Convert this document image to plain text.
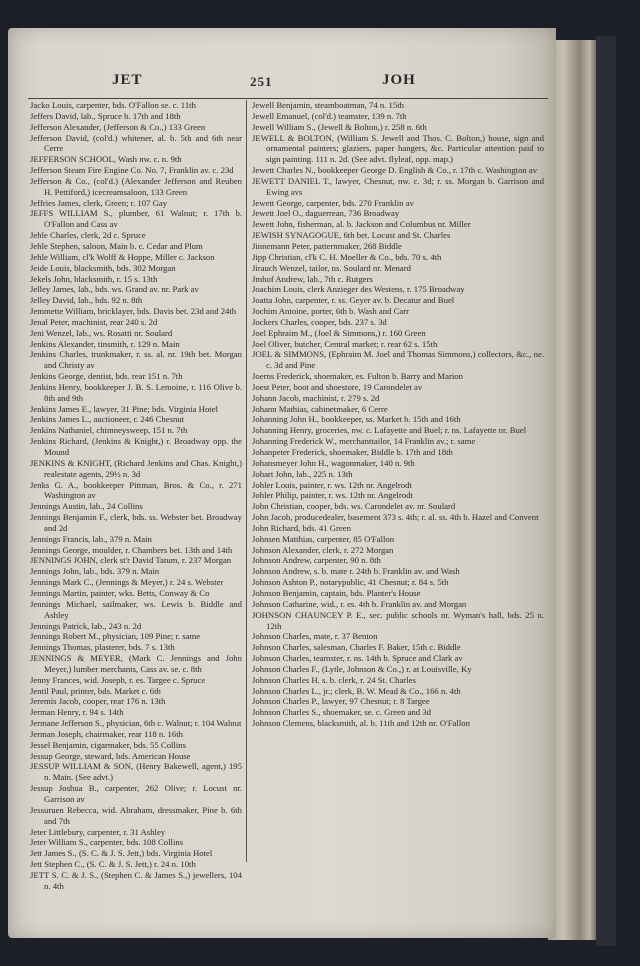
JET	251	JOH
Jacko Louis, carpenter, bds. O'Fallon se. c. 11th
Jeffers David, lab., Spruce b. 17th and 18th
Jefferson Alexander, (Jefferson & Co.,) 133 Green
Jefferson David, (col'd.) whitener, al. b. 5th and 6th near Cerre
JEFFERSON SCHOOL, Wash nw. c. n. 9th
Jefferson Steam Fire Engine Co. No. 7, Franklin av. c. 23d
Jefferson & Co., (col'd.) (Alexander Jefferson and Reuben H. Pettiford,) icecreamsaloon, 133 Green
Jeffries James, clerk, Green; r. 107 Gay
JEFFS WILLIAM S., plumber, 61 Walnut; r. 17th b. O'Fallon and Cass av
Jehle Charles, clerk, 2d c. Spruce
Jehle Stephen, saloon, Main b. c. Cedar and Plum
Jehle William, cl'k Wolff & Hoppe, Miller c. Jackson
Jeide Louis, blacksmith, bds. 302 Morgan
Jekels John, blacksmith, r. 15 s. 13th
Jelley James, lab., bds. ws. Grand av. nr. Park av
Jelley David, lab., bds. 92 n. 8th
Jemmette William, bricklayer, bds. Davis bet. 23d and 24th
Jenal Peter, machinist, rear 240 s. 2d
Jeni Wenzel, lab., ws. Rosatti nr. Soulard
Jenkins Alexander, tinsmith, r. 129 n. Main
Jenkins Charles, trunkmaker, r. ss. al. nr. 19th bet. Morgan and Christy av
Jenkins George, dentist, bds. rear 151 n. 7th
Jenkins Henry, bookkeeper J. B. S. Lemoine, r. 116 Olive b. 8th and 9th
Jenkins James E., lawyer, 31 Pine; bds. Virginia Hotel
Jenkins James L., auctioneer, r. 246 Chesnut
Jenkins Nathaniel, chimneysweep, 151 n. 7th
Jenkins Richard, (Jenkins & Knight,) r. Broadway opp. the Mound
JENKINS & KNIGHT, (Richard Jenkins and Chas. Knight,) realestate agents, 29½ n. 3d
Jenks G. A., bookkeeper Pittman, Bros. & Co., r. 271 Washington av
Jennings Austin, lab., 24 Collins
Jennings Benjamin F., clerk, bds. ss. Webster bet. Broadway and 2d
Jennings Francis, lab., 379 n. Main
Jennings George, moulder, r. Chambers bet. 13th and 14th
JENNINGS JOHN, clerk st'r David Tatum, r. 237 Morgan
Jennings John, lab., bds. 379 n. Main
Jennings Mark C., (Jennings & Meyer,) r. 24 s. Webster
Jennings Martin, painter, wks. Betts, Conway & Co
Jennings Michael, sailmaker, ws. Lewis b. Biddle and Ashley
Jennings Patrick, lab., 243 n. 2d
Jennings Robert M., physician, 109 Pine; r. same
Jennings Thomas, plasterer, bds. 7 s. 13th
JENNINGS & MEYER, (Mark C. Jennings and John Meyer,) lumber merchants, Cass av. se. c. 8th
Jenny Frances, wid. Joseph, r. es. Targee c. Spruce
Jentil Paul, printer, bds. Market c. 6th
Jeremis Jacob, cooper, rear 176 n. 13th
Jerman Henry, r. 94 s. 14th
Jermane Jefferson S., physician, 6th c. Walnut; r. 104 Walnut
Jerman Joseph, chairmaker, rear 118 n. 16th
Jessel Benjamin, cigarmaker, bds. 55 Collins
Jessup George, steward, bds. American House
JESSUP WILLIAM & SON, (Henry Bakewell, agent,) 195 n. Main. (See advt.)
Jessup Joshua B., carpenter, 262 Olive; r. Locust nr. Garrison av
Jessuruen Rebecca, wid. Abraham, dressmaker, Pine b. 6th and 7th
Jeter Littlebury, carpenter, r. 31 Ashley
Jeter William S., carpenter, bds. 108 Collins
Jett James S., (S. C. & J. S. Jett,) bds. Virginia Hotel
Jett Stephen C., (S. C. & J. S. Jett,) r. 24 n. 10th
JETT S. C. & J. S., (Stephen C. & James S.,) jewellers, 104 n. 4th
Jewell Benjamin, steamboatman, 74 n. 15th
Jewell Emanuel, (col'd.) teamster, 139 n. 7th
Jewell William S., (Jewell & Bolton,) r. 258 n. 6th
JEWELL & BOLTON, (William S. Jewell and Thos. C. Bolton,) house, sign and ornamental painters; glaziers, paper hangers, &c. Particular attention paid to sign painting. 111 n. 2d. (See advt. flyleaf, opp. map.)
Jewett Charles N., bookkeeper George D. English & Co., r. 17th c. Washington av
JEWETT DANIEL T., lawyer, Chesnut, nw. c. 3d; r. ss. Morgan b. Garrison and Ewing avs
Jewett George, carpenter, bds. 270 Franklin av
Jewett Joel O., daguerrean, 736 Broadway
Jewett John, fisherman, al. b. Jackson and Columbus nr. Miller
JEWISH SYNAGOGUE, 6th bet. Locust and St. Charles
Jinnemann Peter, patternmaker, 268 Biddle
Jipp Christian, cl'k C. H. Moeller & Co., bds. 70 s. 4th
Jirauch Wenzel, tailor, ns. Soulard nr. Menard
Jmhof Andrew, lab., 7th c. Rutgers
Joachim Louis, clerk Anzieger des Westens, r. 175 Broadway
Joatta John, carpenter, r. ss. Geyer av. b. Decatur and Buel
Jochim Antoine, porter, 6th b. Wash and Carr
Jockers Charles, cooper, bds. 237 s. 3d
Joel Ephraim M., (Joel & Simmons,) r. 160 Green
Joel Oliver, butcher, Central market; r. rear 62 s. 15th
JOEL & SIMMONS, (Ephraim M. Joel and Thomas Simmons,) collectors, &c., ne. c. 3d and Pine
Joerns Frederick, shoemaker, es. Fulton b. Barry and Marion
Joest Peter, boot and shoestore, 19 Carondelet av
Johann Jacob, machinist, r. 279 s. 2d
Johann Mathias, cabinetmaker, 6 Cerre
Johanning John H., bookkeeper, ss. Market b. 15th and 16th
Johanning Henry, groceries, nw. c. Lafayette and Buel; r. ns. Lafayette nr. Buel
Johanning Frederick W., merchanttailor, 14 Franklin av.; r. same
Johanpeter Frederick, shoemaker, Biddle b. 17th and 18th
Johansmeyer John H., wagonmaker, 140 n. 9th
Johart John, lab., 225 n. 13th
Johler Louis, painter, r. ws. 12th nr. Angelrodt
Johler Philip, painter, r. ws. 12th nr. Angelrodt
John Christian, cooper, bds. ws. Carondelet av. nr. Soulard
John Jacob, producedealer, basement 373 s. 4th; r. al. ss. 4th b. Hazel and Convent
John Richard, bds. 41 Green
Johnsen Matthias, carpenter, 85 O'Fallon
Johnson Alexander, clerk, r. 272 Morgan
Johnson Andrew, carpenter, 90 n. 8th
Johnson Andrew, s. b. mate r. 24th b. Franklin av. and Wash
Johnson Ashton P., notarypublic, 41 Chesnut; r. 84 s. 5th
Johnson Benjamin, captain, bds. Planter's House
Johnson Catharine, wid., r. es. 4th b. Franklin av. and Morgan
JOHNSON CHAUNCEY P. E., sec. public schools nr. Wyman's hall, bds. 25 n. 12th
Johnson Charles, mate, r. 37 Benton
Johnson Charles, salesman, Charles F. Baker, 15th c. Biddle
Johnson Charles, teamster, r. ns. 14th b. Spruce and Clark av
Johnson Charles F., (Lytle, Johnson & Co.,) r. at Louisville, Ky
Johnson Charles H. s. b. clerk, r. 24 St. Charles
Johnson Charles L., jr.; clerk, B. W. Mead & Co., 166 n. 4th
Johnson Charles P., lawyer, 97 Chesnut; r. 8 Targee
Johnson Charles S., shoemaker, se. c. Green and 3d
Johnson Clemens, blacksmith, al. b. 11th and 12th nr. O'Fallon
